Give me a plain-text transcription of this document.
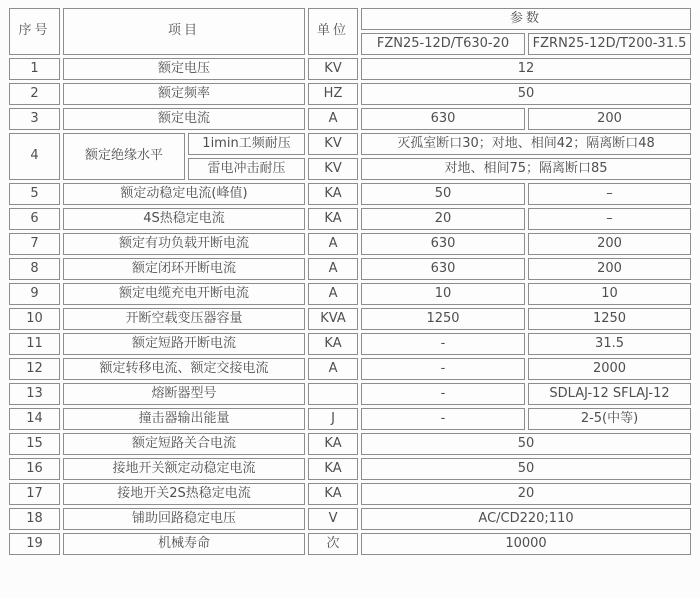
序号	项目		单位	参数	
				FZN25-12D/T630-20	FZRN25-12D/T200-31.5
1	额定电压		KV	12	
2	额定频率		HZ	50	
3	额定电流		A	630	200
4	额定绝缘水平	1imin工频耐压	KV	灭孤室断口30；对地、相间42；隔离断口48	
		雷电冲击耐压	KV	对地、相间75；隔离断口85	
5	额定动稳定电流(峰值)		KA	50	–
6	4S热稳定电流		KA	20	–
7	额定有功负载开断电流		A	630	200
8	额定闭环开断电流		A	630	200
9	额定电缆充电开断电流		A	10	10
10	开断空载变压器容量		KVA	1250	1250
11	额定短路开断电流		KA	-	31.5
12	额定转移电流、额定交接电流		A	-	2000
13	熔断器型号			-	SDLAJ-12 SFLAJ-12
14	撞击器输出能量		J	-	2-5(中等)
15	额定短路关合电流		KA	50	
16	接地开关额定动稳定电流		KA	50	
17	接地开关2S热稳定电流		KA	20	
18	铺助回路稳定电压		V	AC/CD220;110	
19	机械寿命		次	10000	
